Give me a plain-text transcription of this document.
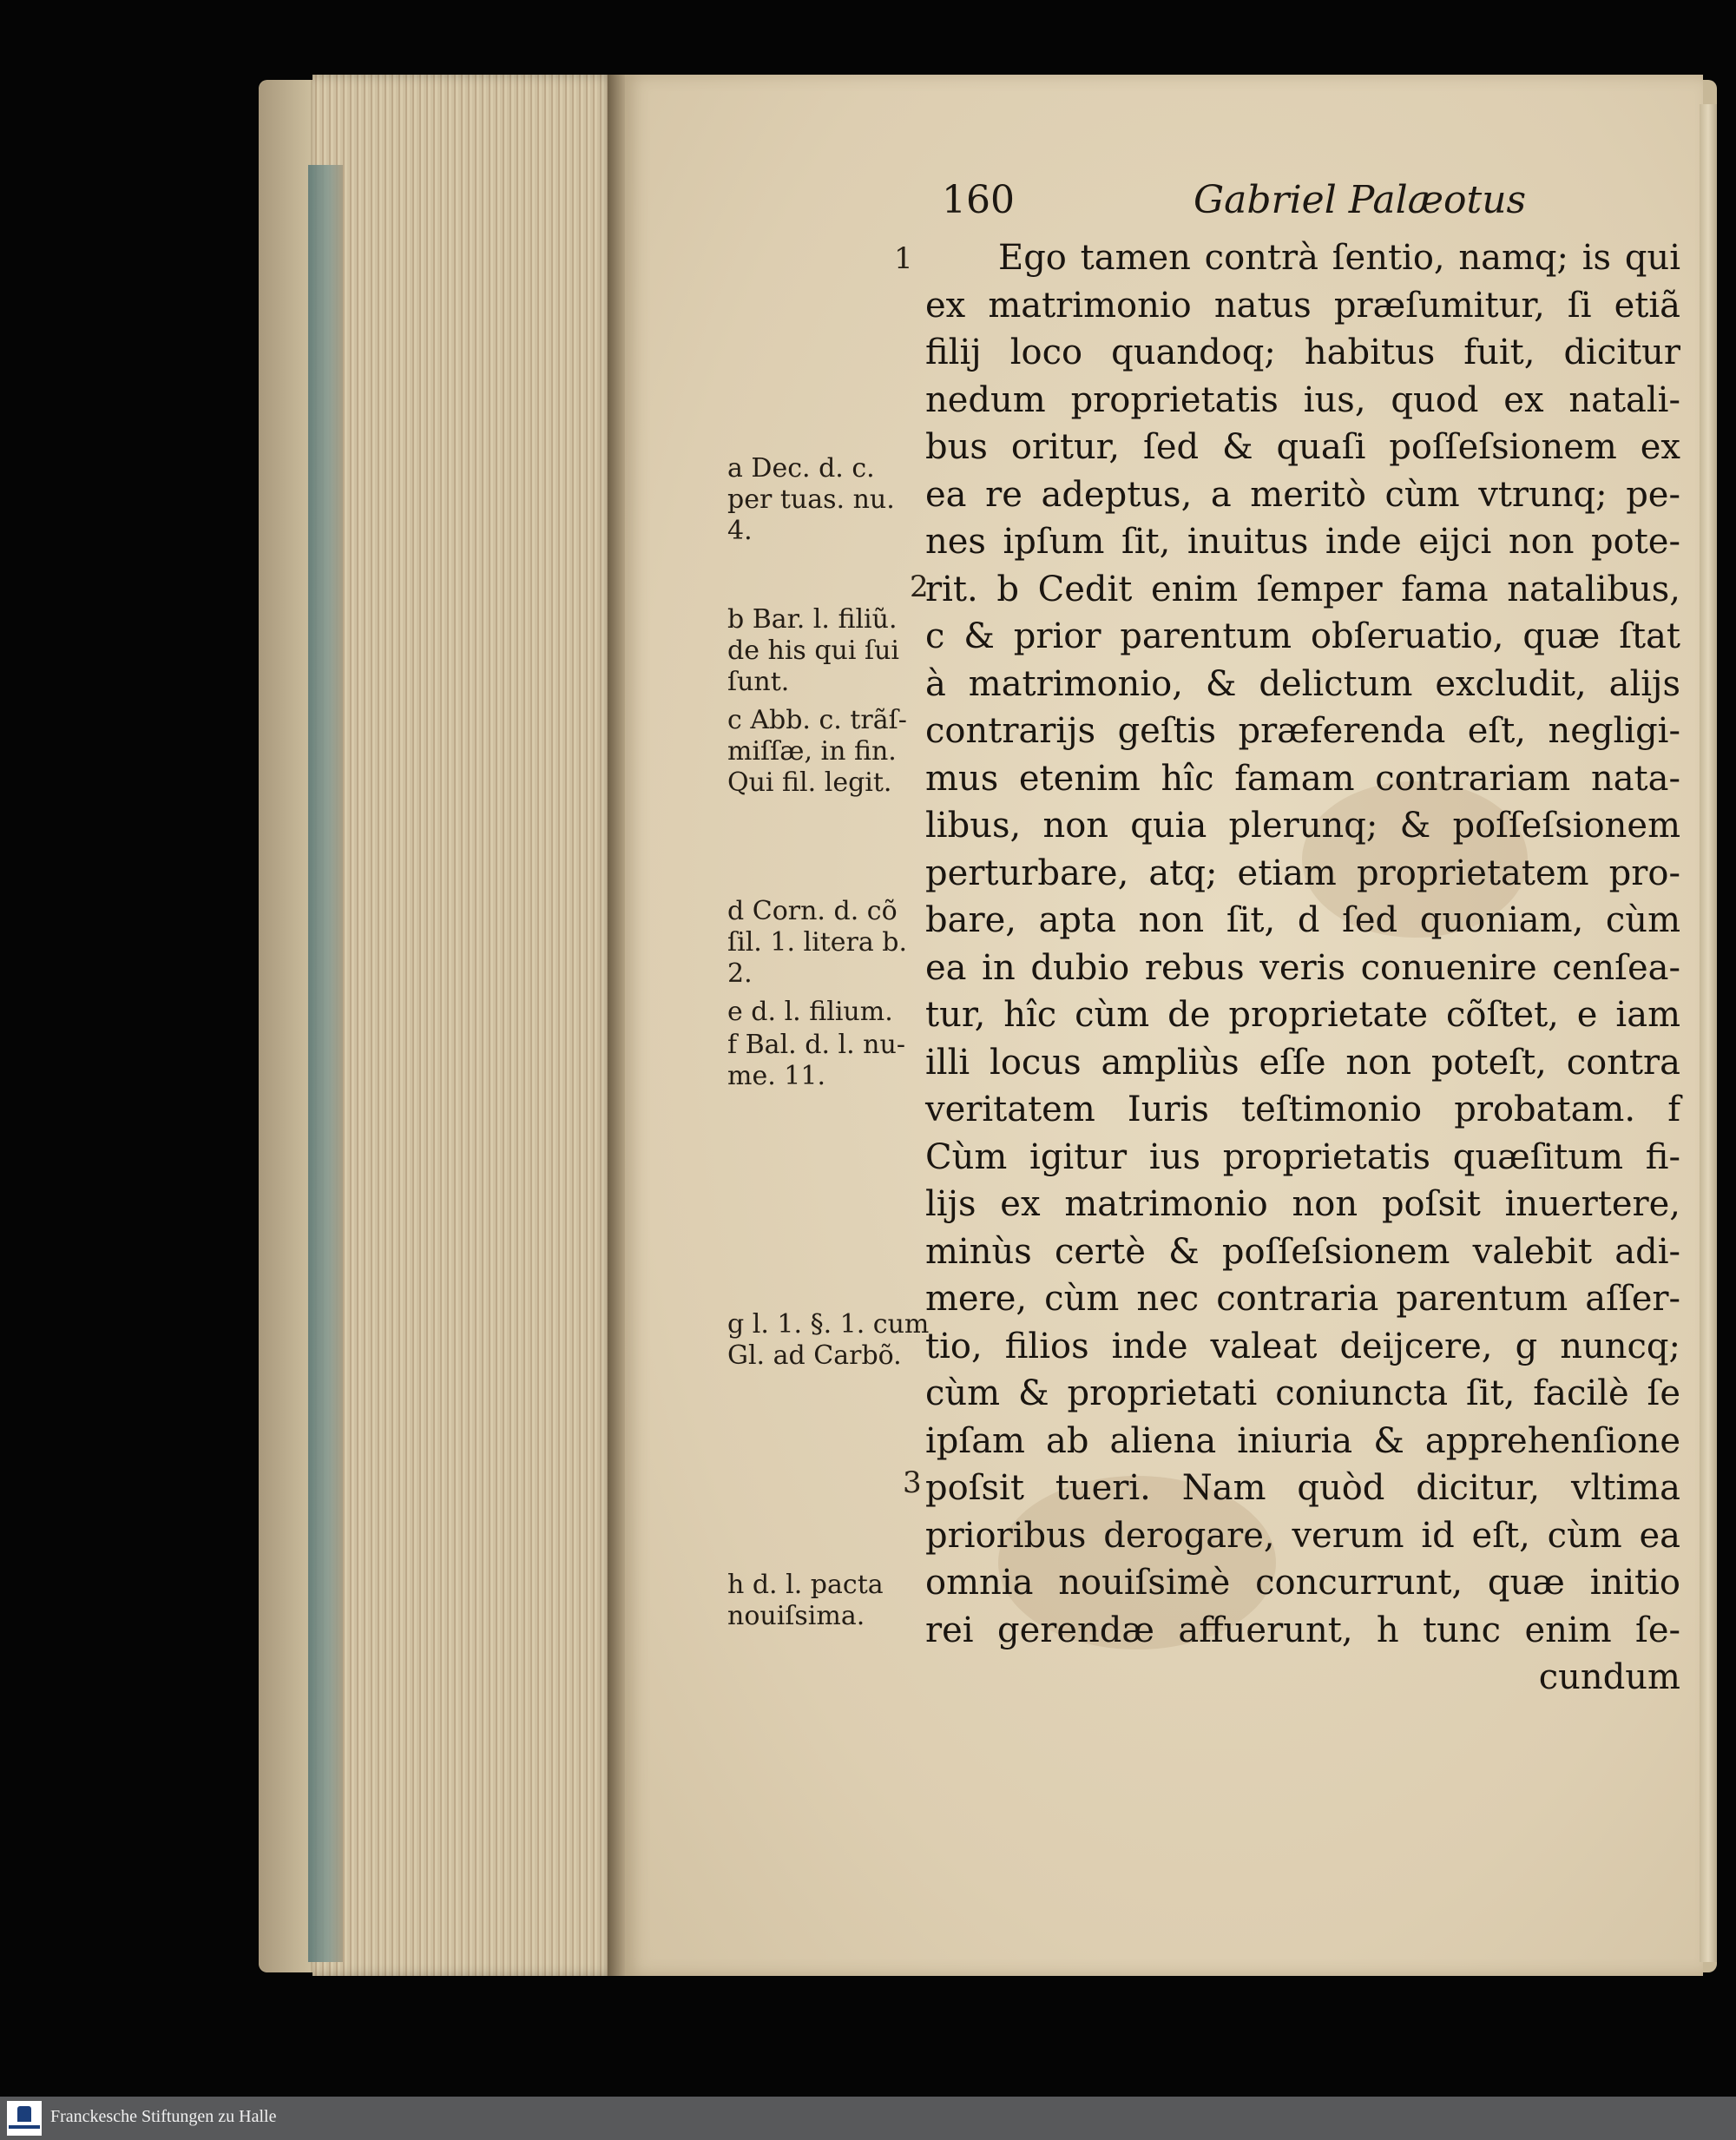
160	Gabriel Palæotus
1
2
3
Ego tamen contrà ſentio, namq; is qui
ex matrimonio natus præſumitur, ſi etiã
filij loco quandoq; habitus fuit, dicitur
nedum proprietatis ius, quod ex natali-
bus oritur, ſed & quaſi poſſeſsionem ex
ea re adeptus, a meritò cùm vtrunq; pe-
nes ipſum ſit, inuitus inde eijci non pote-
rit. b Cedit enim ſemper fama natalibus,
c & prior parentum obſeruatio, quæ ſtat
à matrimonio, & delictum excludit, alijs
contrarijs geſtis præferenda eſt, negligi-
mus etenim hîc famam contrariam nata-
libus, non quia plerunq; & poſſeſsionem
perturbare, atq; etiam proprietatem pro-
bare, apta non ſit, d ſed quoniam, cùm
ea in dubio rebus veris conuenire cenſea-
tur, hîc cùm de proprietate cõſtet, e iam
illi locus ampliùs eſſe non poteſt, contra
veritatem Iuris teſtimonio probatam. f
Cùm igitur ius proprietatis quæſitum fi-
lijs ex matrimonio non poſsit inuertere,
minùs certè & poſſeſsionem valebit adi-
mere, cùm nec contraria parentum aſſer-
tio, filios inde valeat deijcere, g nuncq;
cùm & proprietati coniuncta ſit, facilè ſe
ipſam ab aliena iniuria & apprehenſione
poſsit tueri. Nam quòd dicitur, vltima
prioribus derogare, verum id eſt, cùm ea
omnia nouiſsimè concurrunt, quæ initio
rei gerendæ affuerunt, h tunc enim ſe-
cundum
a Dec. d. c.
per tuas. nu.
4.
b Bar. l. filiũ.
de his qui ſui
ſunt.
c Abb. c. trãſ-
miſſæ, in fin.
Qui fil. legit.
d Corn. d. cõ
ſil. 1. litera b.
2.
e d. l. filium.
f Bal. d. l. nu-
me. 11.
g l. 1. §. 1. cum
Gl. ad Carbõ.
h d. l. pacta
nouiſsima.
Franckesche Stiftungen zu Halle
